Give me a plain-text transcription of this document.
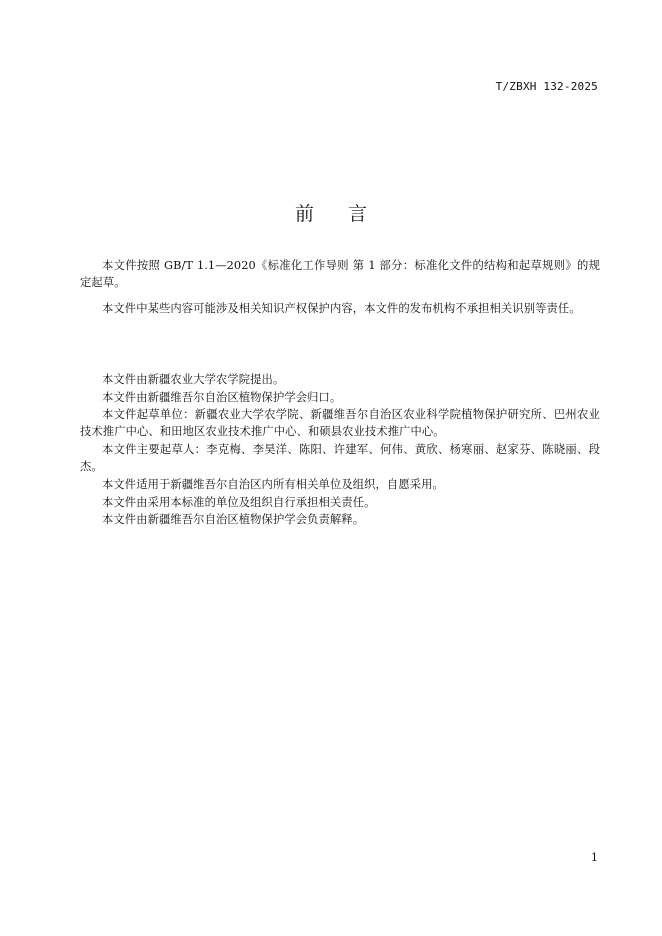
T/ZBXH 132-2025
前 言

本文件按照 GB/T 1.1—2020《标准化工作导则 第 1 部分：标准化文件的结构和起草规则》的规定起草。

本文件中某些内容可能涉及相关知识产权保护内容，本文件的发布机构不承担相关识别等责任。

本文件由新疆农业大学农学院提出。

本文件由新疆维吾尔自治区植物保护学会归口。

本文件起草单位：新疆农业大学农学院、新疆维吾尔自治区农业科学院植物保护研究所、巴州农业技术推广中心、和田地区农业技术推广中心、和硕县农业技术推广中心。

本文件主要起草人：李克梅、李昊洋、陈阳、许建军、何伟、黄欣、杨寒丽、赵家芬、陈晓丽、段杰。

本文件适用于新疆维吾尔自治区内所有相关单位及组织，自愿采用。

本文件由采用本标准的单位及组织自行承担相关责任。

本文件由新疆维吾尔自治区植物保护学会负责解释。

1
